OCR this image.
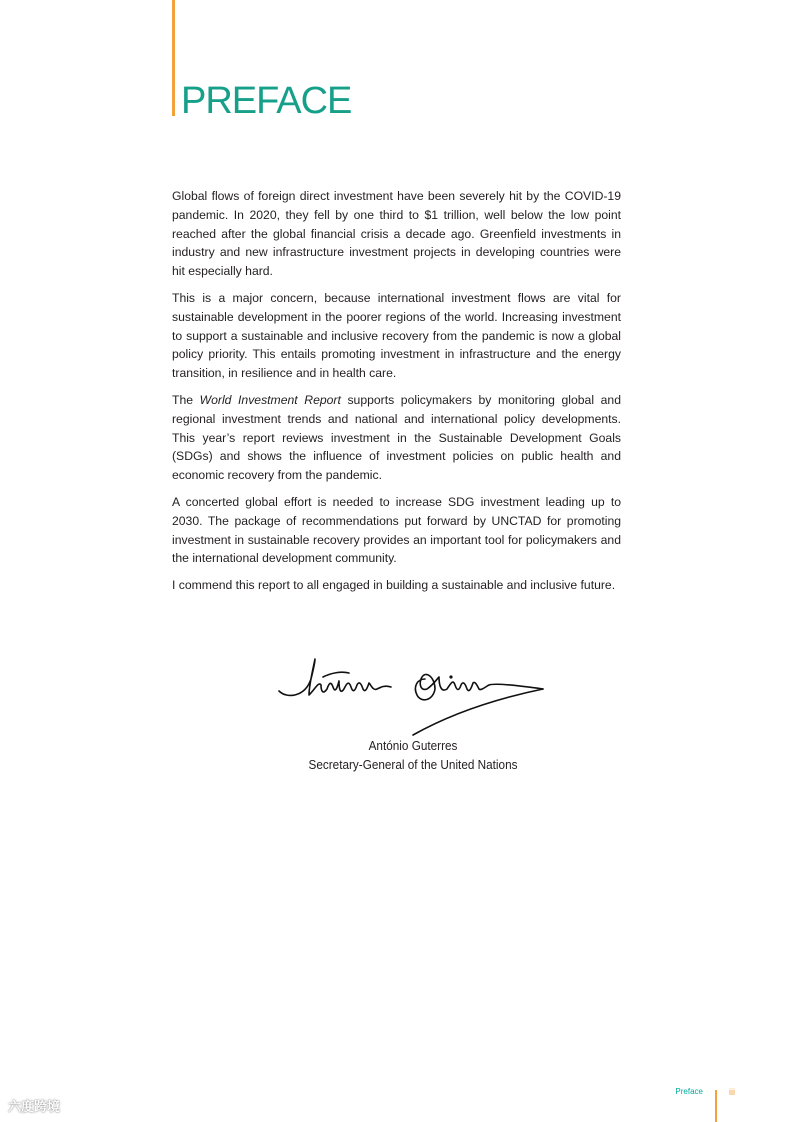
PREFACE

Global flows of foreign direct investment have been severely hit by the COVID-19 pandemic. In 2020, they fell by one third to $1 trillion, well below the low point reached after the global financial crisis a decade ago. Greenfield investments in industry and new infrastructure investment projects in developing countries were hit especially hard.

This is a major concern, because international investment flows are vital for sustainable development in the poorer regions of the world. Increasing investment to support a sustainable and inclusive recovery from the pandemic is now a global policy priority. This entails promoting investment in infrastructure and the energy transition, in resilience and in health care.

The World Investment Report supports policymakers by monitoring global and regional investment trends and national and international policy developments. This year’s report reviews investment in the Sustainable Development Goals (SDGs) and shows the influence of investment policies on public health and economic recovery from the pandemic.

A concerted global effort is needed to increase SDG investment leading up to 2030. The package of recommendations put forward by UNCTAD for promoting investment in sustainable recovery provides an important tool for policymakers and the international development community.

I commend this report to all engaged in building a sustainable and inclusive future.

António Guterres
Secretary-General of the United Nations
Preface	iii
六度跨境
